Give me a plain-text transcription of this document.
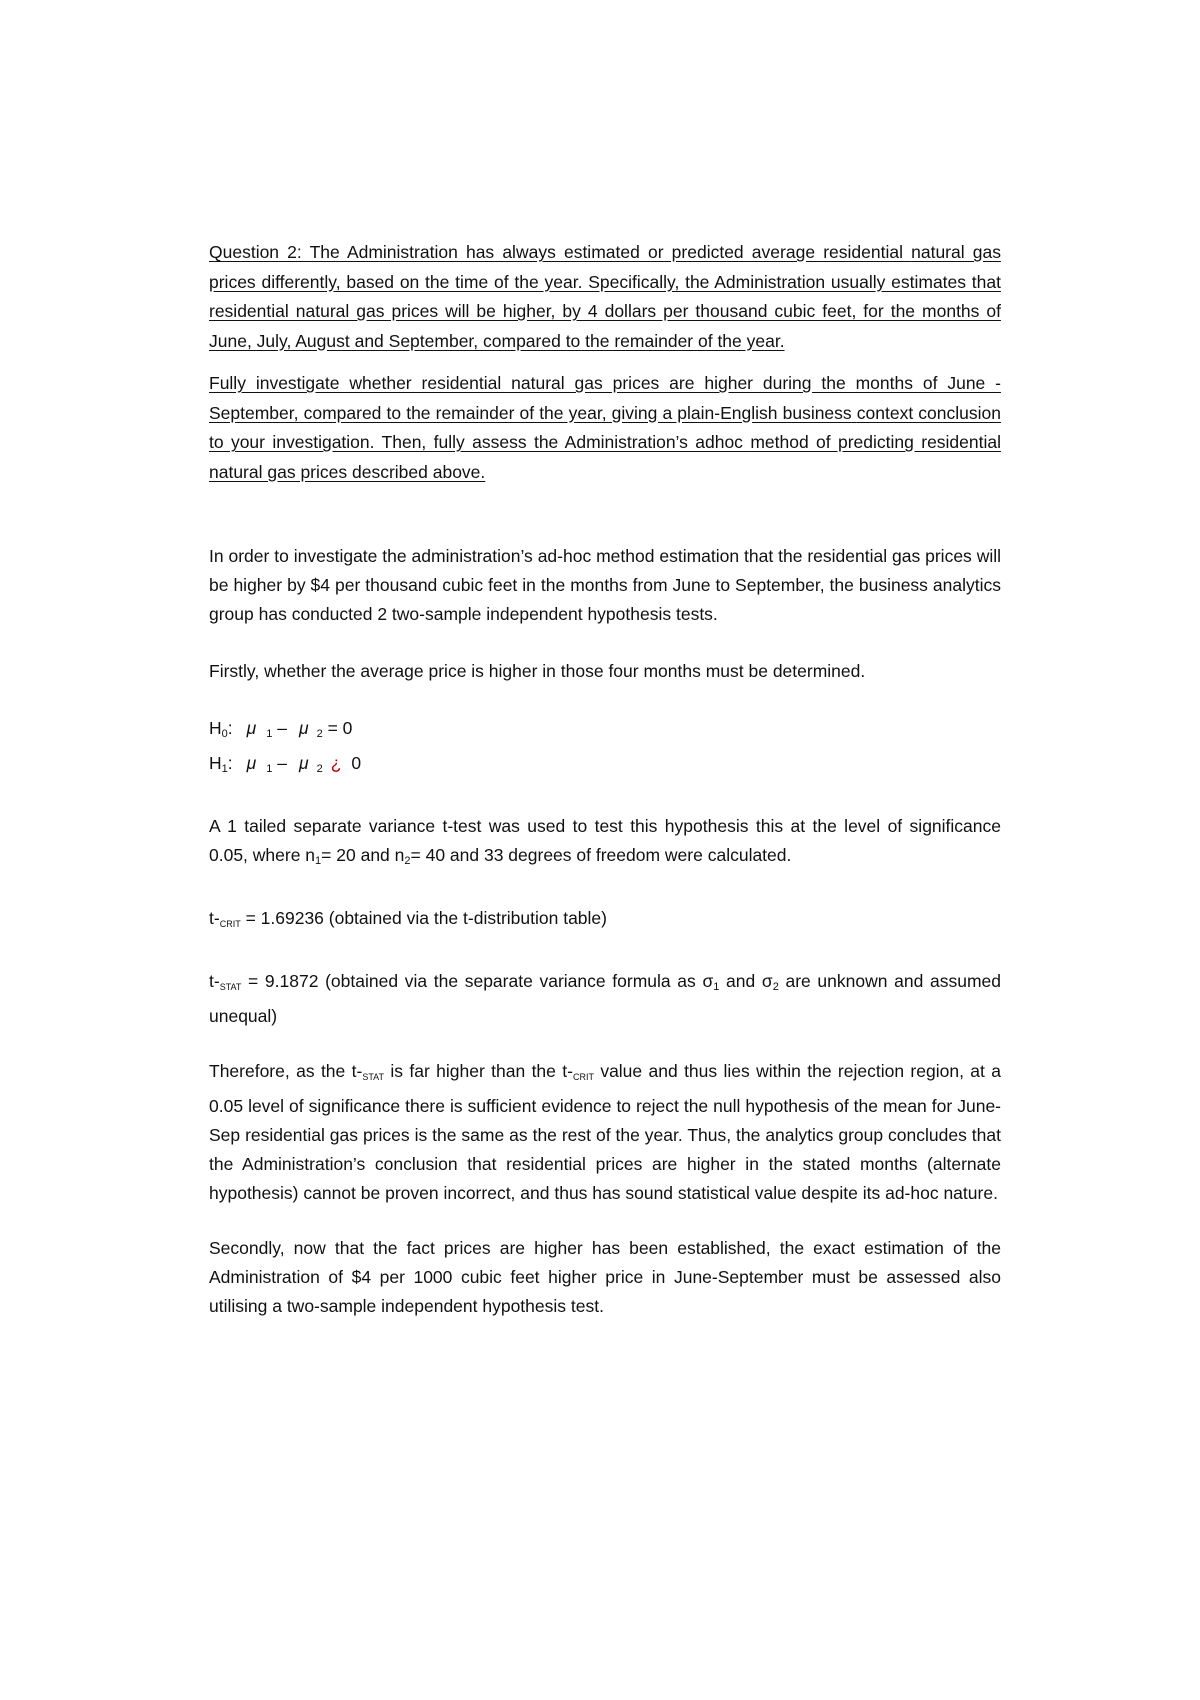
Question 2: The Administration has always estimated or predicted average residential natural gas prices differently, based on the time of the year. Specifically, the Administration usually estimates that residential natural gas prices will be higher, by 4 dollars per thousand cubic feet, for the months of June, July, August and September, compared to the remainder of the year.

Fully investigate whether residential natural gas prices are higher during the months of June - September, compared to the remainder of the year, giving a plain-English business context conclusion to your investigation. Then, fully assess the Administration’s adhoc method of predicting residential natural gas prices described above.

In order to investigate the administration’s ad-hoc method estimation that the residential gas prices will be higher by $4 per thousand cubic feet in the months from June to September, the business analytics group has conducted 2 two-sample independent hypothesis tests.

Firstly, whether the average price is higher in those four months must be determined.

$H_0$: μ $_1$ – μ $_2$ = 0
$H_1$: μ $_1$ – μ $_2$ ¿ 0

A 1 tailed separate variance t-test was used to test this hypothesis this at the level of significance 0.05, where $n_1= 20$ and $n_2= 40$ and 33 degrees of freedom were calculated.

t-CRIT = 1.69236 (obtained via the t-distribution table)

t-STAT = 9.1872 (obtained via the separate variance formula as $\sigma_1$ and $\sigma_2$ are unknown and assumed unequal)

Therefore, as the t-STAT is far higher than the t-CRIT value and thus lies within the rejection region, at a 0.05 level of significance there is sufficient evidence to reject the null hypothesis of the mean for June-Sep residential gas prices is the same as the rest of the year. Thus, the analytics group concludes that the Administration’s conclusion that residential prices are higher in the stated months (alternate hypothesis) cannot be proven incorrect, and thus has sound statistical value despite its ad-hoc nature.

Secondly, now that the fact prices are higher has been established, the exact estimation of the Administration of $4 per 1000 cubic feet higher price in June-September must be assessed also utilising a two-sample independent hypothesis test.
